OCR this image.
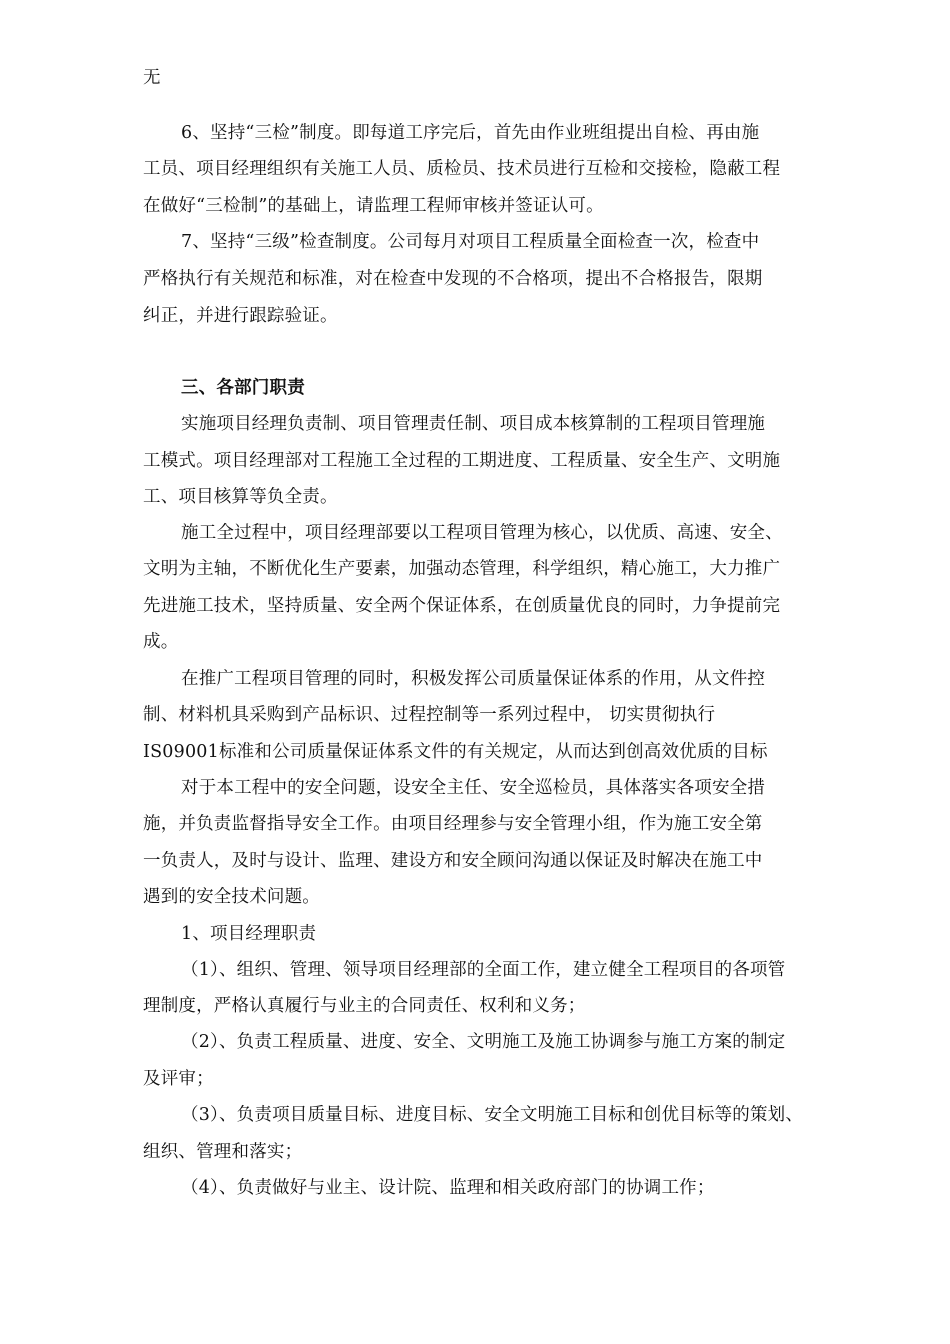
无
6、坚持“三检”制度。即每道工序完后，首先由作业班组提出自检、再由施
工员、项目经理组织有关施工人员、质检员、技术员进行互检和交接检，隐蔽工程
在做好“三检制”的基础上，请监理工程师审核并签证认可。
7、坚持“三级”检查制度。公司每月对项目工程质量全面检查一次，检查中
严格执行有关规范和标准，对在检查中发现的不合格项，提出不合格报告，限期
纠正，并进行跟踪验证。
三、各部门职责
实施项目经理负责制、项目管理责任制、项目成本核算制的工程项目管理施
工模式。项目经理部对工程施工全过程的工期进度、工程质量、安全生产、文明施
工、项目核算等负全责。
施工全过程中，项目经理部要以工程项目管理为核心，以优质、高速、安全、
文明为主轴，不断优化生产要素，加强动态管理，科学组织，精心施工，大力推广
先进施工技术，坚持质量、安全两个保证体系，在创质量优良的同时，力争提前完
成。
在推广工程项目管理的同时，积极发挥公司质量保证体系的作用，从文件控
制、材料机具采购到产品标识、过程控制等一系列过程中， 切实贯彻执行
IS09001标准和公司质量保证体系文件的有关规定，从而达到创高效优质的目标
对于本工程中的安全问题，设安全主任、安全巡检员，具体落实各项安全措
施，并负责监督指导安全工作。由项目经理参与安全管理小组，作为施工安全第
一负责人，及时与设计、监理、建设方和安全顾问沟通以保证及时解决在施工中
遇到的安全技术问题。
1、项目经理职责
（1）、组织、管理、领导项目经理部的全面工作，建立健全工程项目的各项管
理制度，严格认真履行与业主的合同责任、权利和义务；
（2）、负责工程质量、进度、安全、文明施工及施工协调参与施工方案的制定
及评审；
（3）、负责项目质量目标、进度目标、安全文明施工目标和创优目标等的策划、
组织、管理和落实；
（4）、负责做好与业主、设计院、监理和相关政府部门的协调工作；
